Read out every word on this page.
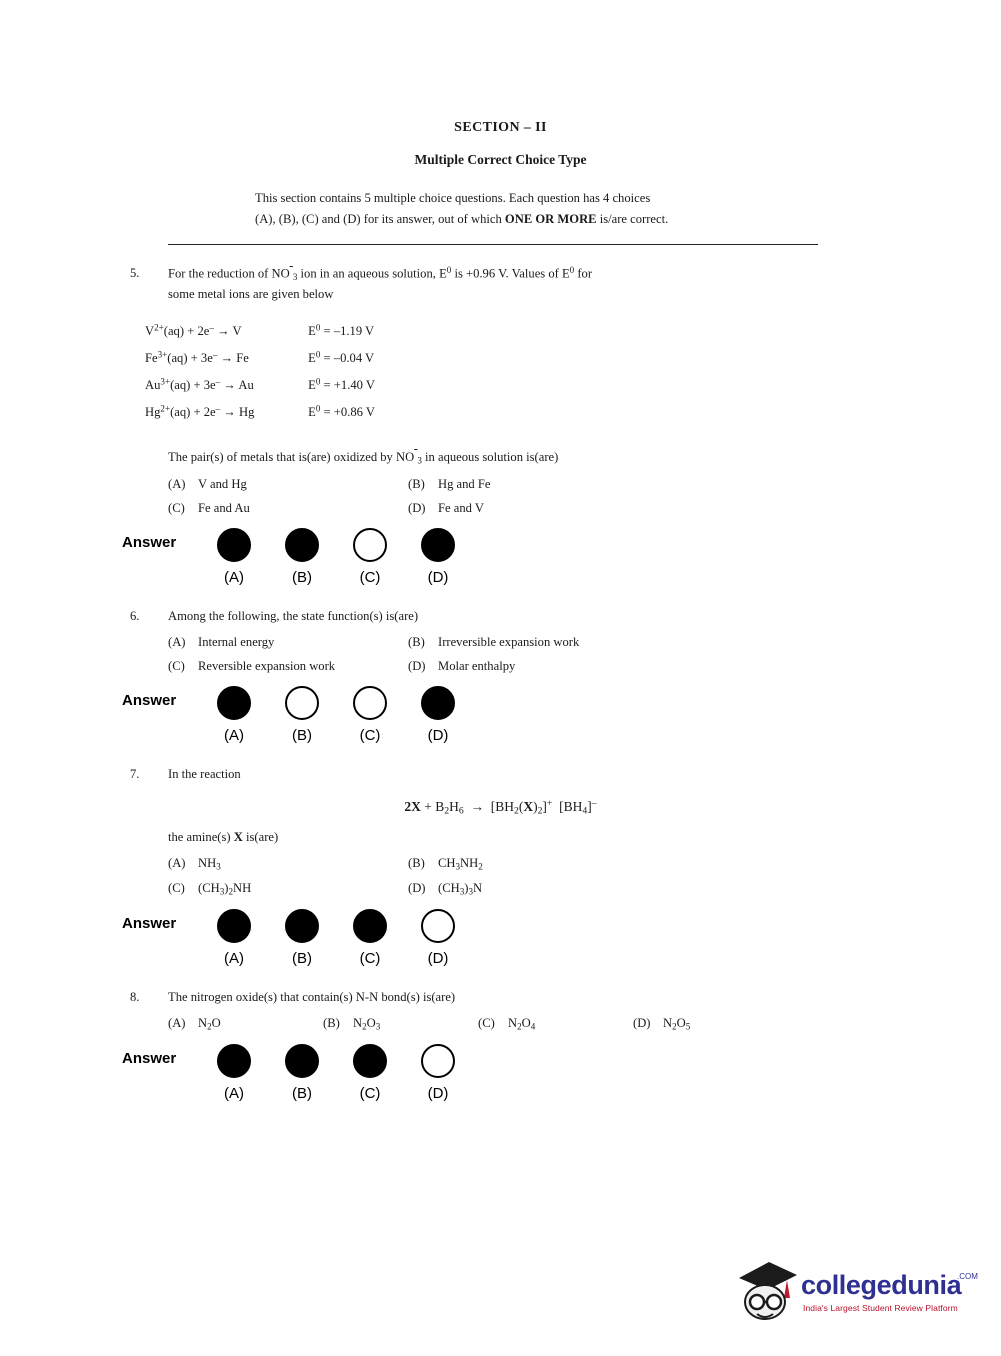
SECTION – II
Multiple Correct Choice Type
This section contains 5 multiple choice questions. Each question has 4 choices
(A), (B), (C) and (D) for its answer, out of which ONE OR MORE is/are correct.
5.	For the reduction of NO $_3$ ion in an aqueous solution, $E^0$ is +0.96 V. Values of $E^0$ for
some metal ions are given below
$V^{2+}(aq) + 2e^- \to V$	$E^0 = -1.19$ V
$Fe^{3+}(aq) + 3e^- \to Fe$	$E^0 = -0.04$ V
$Au^{3+}(aq) + 3e^- \to Au$	$E^0 = +1.40$ V
$Hg^{2+}(aq) + 2e^- \to Hg$	$E^0 = +0.86$ V
The pair(s) of metals that is(are) oxidized by NO $_3$ in aqueous solution is(are)
(A) V and Hg	(B) Hg and Fe
(C) Fe and Au	(D) Fe and V
Answer
(A)	(B)	(C)	(D)
6.	Among the following, the state function(s) is(are)
(A) Internal energy	(B) Irreversible expansion work
(C) Reversible expansion work	(D) Molar enthalpy
Answer
(A)	(B)	(C)	(D)
7.	In the reaction
$2X + B_2H_6 \to [BH_2(X)_2]^+$  $[BH_4]^-$
the amine(s) X is(are)
(A) $NH_3$	(B) $CH_3NH_2$
(C) $(CH_3)_2NH$	(D) $(CH_3)_3N$
Answer
(A)	(B)	(C)	(D)
8.	The nitrogen oxide(s) that contain(s) N-N bond(s) is(are)
(A) $N_2O$	(B) $N_2O_3$	(C) $N_2O_4$	(D) $N_2O_5$
Answer
(A)	(B)	(C)	(D)
collegedunia
.COM
India's Largest Student Review Platform
